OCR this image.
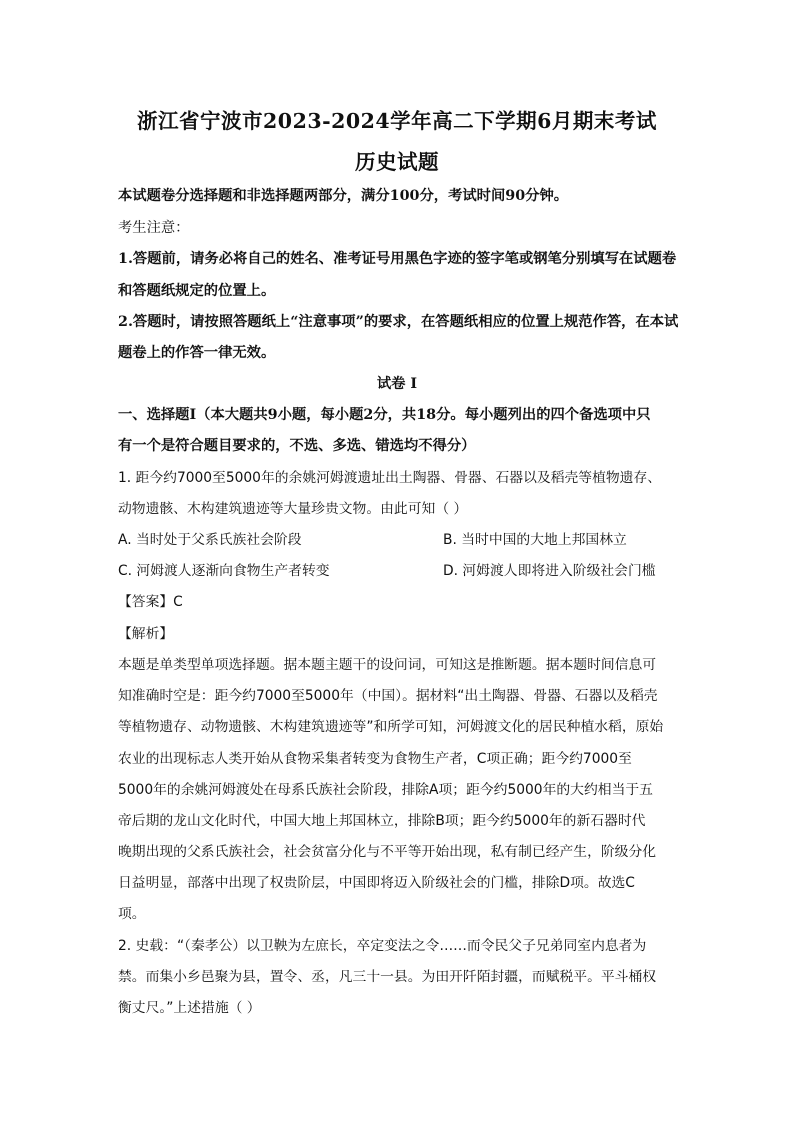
浙江省宁波市2023-2024学年高二下学期6月期末考试
历史试题
本试题卷分选择题和非选择题两部分，满分100分，考试时间90分钟。
考生注意：
1.答题前，请务必将自己的姓名、准考证号用黑色字迹的签字笔或钢笔分别填写在试题卷
和答题纸规定的位置上。
2.答题时，请按照答题纸上“注意事项”的要求，在答题纸相应的位置上规范作答，在本试
题卷上的作答一律无效。
试卷 I
一、选择题Ⅰ（本大题共9小题，每小题2分，共18分。每小题列出的四个备选项中只
有一个是符合题目要求的，不选、多选、错选均不得分）
1. 距今约7000至5000年的余姚河姆渡遗址出土陶器、骨器、石器以及稻壳等植物遗存、
动物遗骸、木构建筑遗迹等大量珍贵文物。由此可知（ ）
A. 当时处于父系氏族社会阶段	B. 当时中国的大地上邦国林立
C. 河姆渡人逐渐向食物生产者转变	D. 河姆渡人即将进入阶级社会门槛
【答案】C
【解析】
本题是单类型单项选择题。据本题主题干的设问词，可知这是推断题。据本题时间信息可
知准确时空是：距今约7000至5000年（中国）。据材料“出土陶器、骨器、石器以及稻壳
等植物遗存、动物遗骸、木构建筑遗迹等”和所学可知，河姆渡文化的居民种植水稻，原始
农业的出现标志人类开始从食物采集者转变为食物生产者，C项正确；距今约7000至
5000年的余姚河姆渡处在母系氏族社会阶段，排除A项；距今约5000年的大约相当于五
帝后期的龙山文化时代，中国大地上邦国林立，排除B项；距今约5000年的新石器时代
晚期出现的父系氏族社会，社会贫富分化与不平等开始出现，私有制已经产生，阶级分化
日益明显，部落中出现了权贵阶层，中国即将迈入阶级社会的门槛，排除D项。故选C
项。
2. 史载：“（秦孝公）以卫鞅为左庶长，卒定变法之令……而令民父子兄弟同室内息者为
禁。而集小乡邑聚为县，置令、丞，凡三十一县。为田开阡陌封疆，而赋税平。平斗桶权
衡丈尺。”上述措施（ ）
